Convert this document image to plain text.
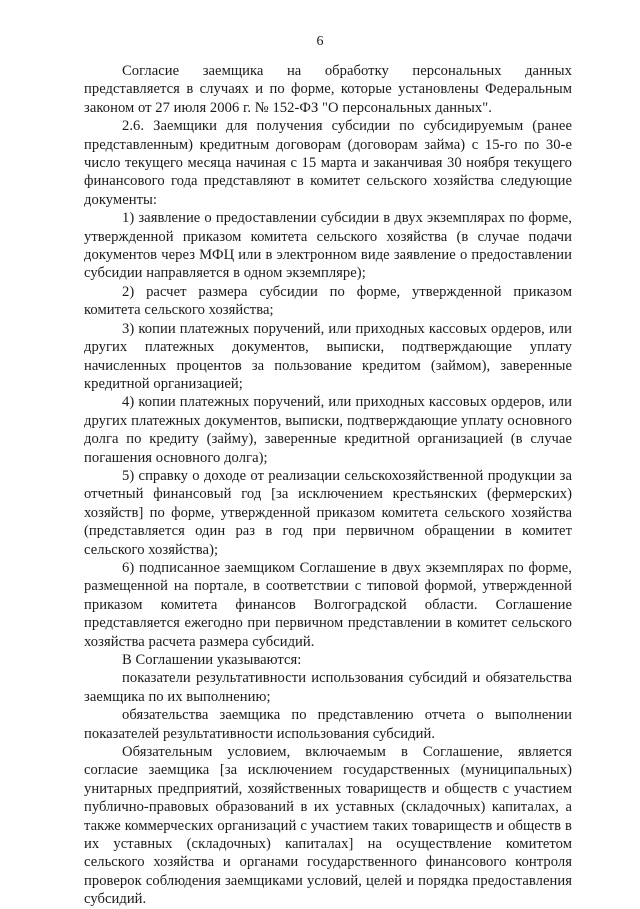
6

Согласие заемщика на обработку персональных данных представляется в случаях и по форме, которые установлены Федеральным законом от 27 июля 2006 г. № 152-ФЗ "О персональных данных".

2.6. Заемщики для получения субсидии по субсидируемым (ранее представленным) кредитным договорам (договорам займа) с 15-го по 30-е число текущего месяца начиная с 15 марта и заканчивая 30 ноября текущего финансового года представляют в комитет сельского хозяйства следующие документы:

1) заявление о предоставлении субсидии в двух экземплярах по форме, утвержденной приказом комитета сельского хозяйства (в случае подачи документов через МФЦ или в электронном виде заявление о предоставлении субсидии направляется в одном экземпляре);

2) расчет размера субсидии по форме, утвержденной приказом комитета сельского хозяйства;

3) копии платежных поручений, или приходных кассовых ордеров, или других платежных документов, выписки, подтверждающие уплату начисленных процентов за пользование кредитом (займом), заверенные кредитной организацией;

4) копии платежных поручений, или приходных кассовых ордеров, или других платежных документов, выписки, подтверждающие уплату основного долга по кредиту (займу), заверенные кредитной организацией (в случае погашения основного долга);

5) справку о доходе от реализации сельскохозяйственной продукции за отчетный финансовый год [за исключением крестьянских (фермерских) хозяйств] по форме, утвержденной приказом комитета сельского хозяйства (представляется один раз в год при первичном обращении в комитет сельского хозяйства);

6) подписанное заемщиком Соглашение в двух экземплярах по форме, размещенной на портале, в соответствии с типовой формой, утвержденной приказом комитета финансов Волгоградской области. Соглашение представляется ежегодно при первичном представлении в комитет сельского хозяйства расчета размера субсидий.

В Соглашении указываются:

показатели результативности использования субсидий и обязательства заемщика по их выполнению;

обязательства заемщика по представлению отчета о выполнении показателей результативности использования субсидий.

Обязательным условием, включаемым в Соглашение, является согласие заемщика [за исключением государственных (муниципальных) унитарных предприятий, хозяйственных товариществ и обществ с участием публично-правовых образований в их уставных (складочных) капиталах, а также коммерческих организаций с участием таких товариществ и обществ в их уставных (складочных) капиталах] на осуществление комитетом сельского хозяйства и органами государственного финансового контроля проверок соблюдения заемщиками условий, целей и порядка предоставления субсидий.
